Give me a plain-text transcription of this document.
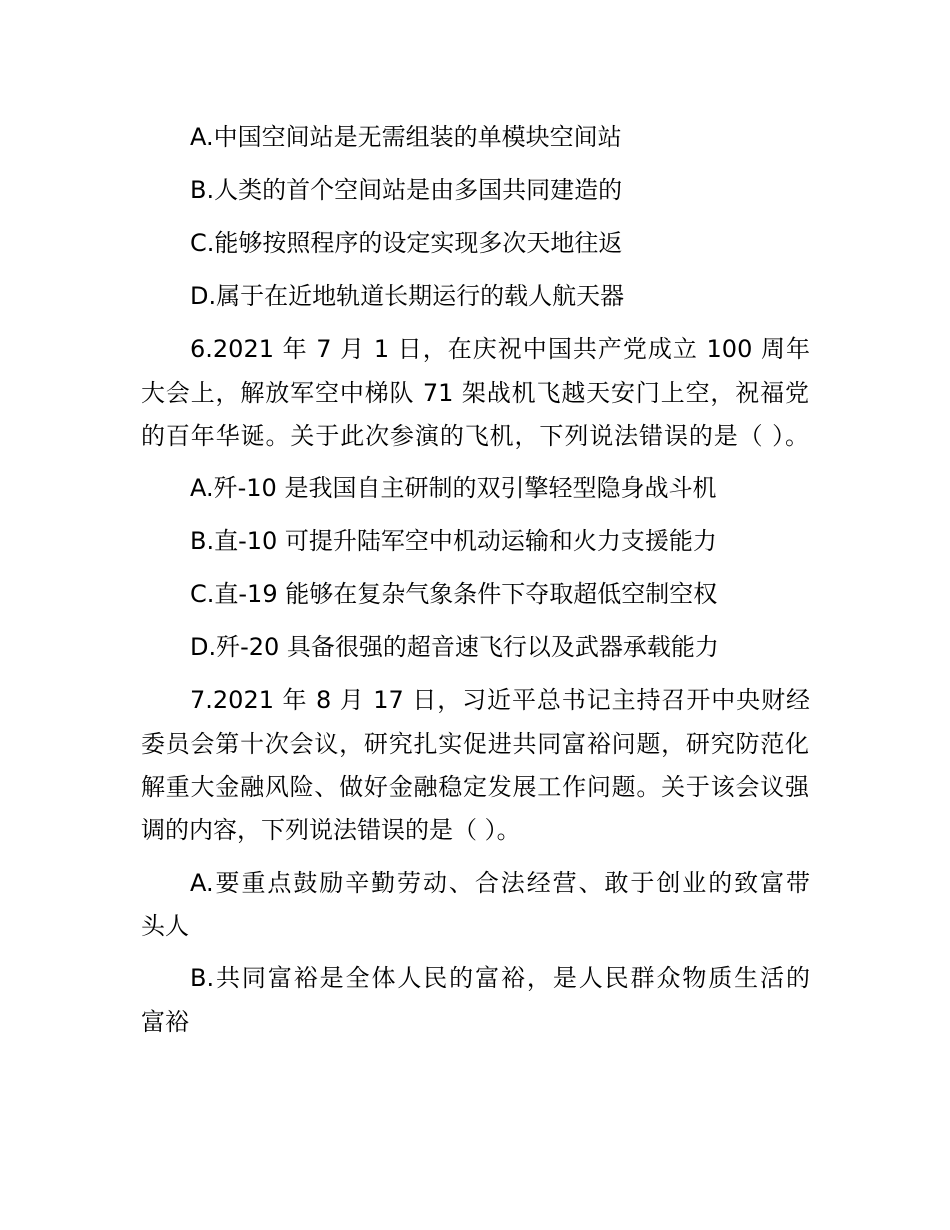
A.中国空间站是无需组装的单模块空间站

B.人类的首个空间站是由多国共同建造的

C.能够按照程序的设定实现多次天地往返

D.属于在近地轨道长期运行的载人航天器

6.2021 年 7 月 1 日，在庆祝中国共产党成立 100 周年

大会上，解放军空中梯队 71 架战机飞越天安门上空，祝福党

的百年华诞。关于此次参演的飞机，下列说法错误的是（ ）。

A.歼-10 是我国自主研制的双引擎轻型隐身战斗机

B.直-10 可提升陆军空中机动运输和火力支援能力

C.直-19 能够在复杂气象条件下夺取超低空制空权

D.歼-20 具备很强的超音速飞行以及武器承载能力

7.2021 年 8 月 17 日，习近平总书记主持召开中央财经

委员会第十次会议，研究扎实促进共同富裕问题，研究防范化

解重大金融风险、做好金融稳定发展工作问题。关于该会议强

调的内容，下列说法错误的是（ ）。

A.要重点鼓励辛勤劳动、合法经营、敢于创业的致富带

头人

B.共同富裕是全体人民的富裕，是人民群众物质生活的

富裕
